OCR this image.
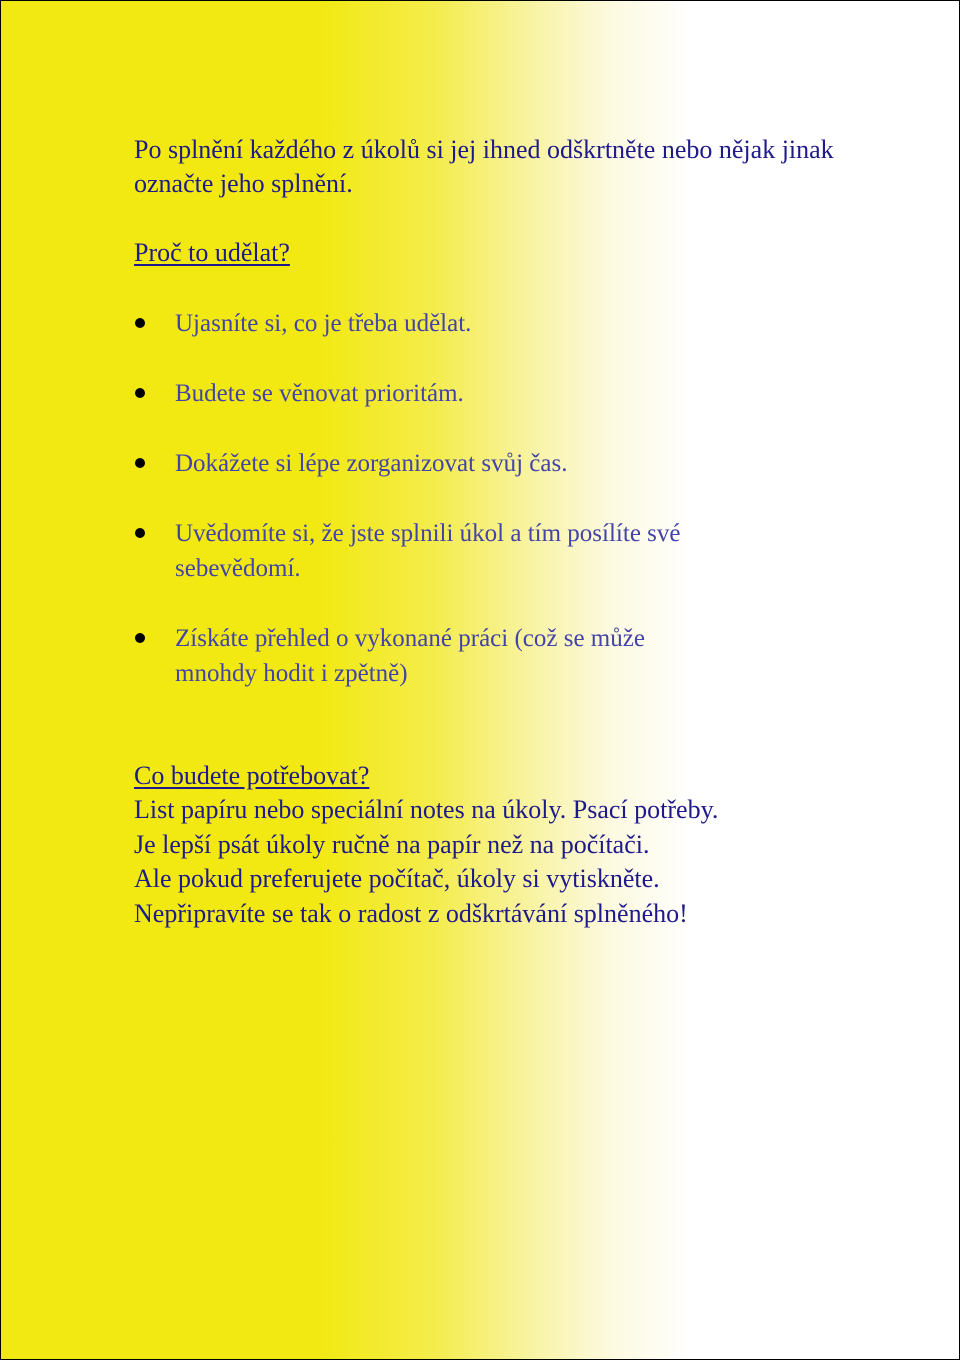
Po splnění každého z úkolů si jej ihned odškrtněte nebo nějak jinak označte jeho splnění.

Proč to udělat?

Ujasníte si, co je třeba udělat.
Budete se věnovat prioritám.
Dokážete si lépe zorganizovat svůj čas.
Uvědomíte si, že jste splnili úkol a tím posílíte své sebevědomí.
Získáte přehled o vykonané práci (což se může mnohdy hodit i zpětně)

Co budete potřebovat?

List papíru nebo speciální notes na úkoly. Psací potřeby.

Je lepší psát úkoly ručně na papír než na počítači.

Ale pokud preferujete počítač, úkoly si vytiskněte.

Nepřipravíte se tak o radost z odškrtávání splněného!
